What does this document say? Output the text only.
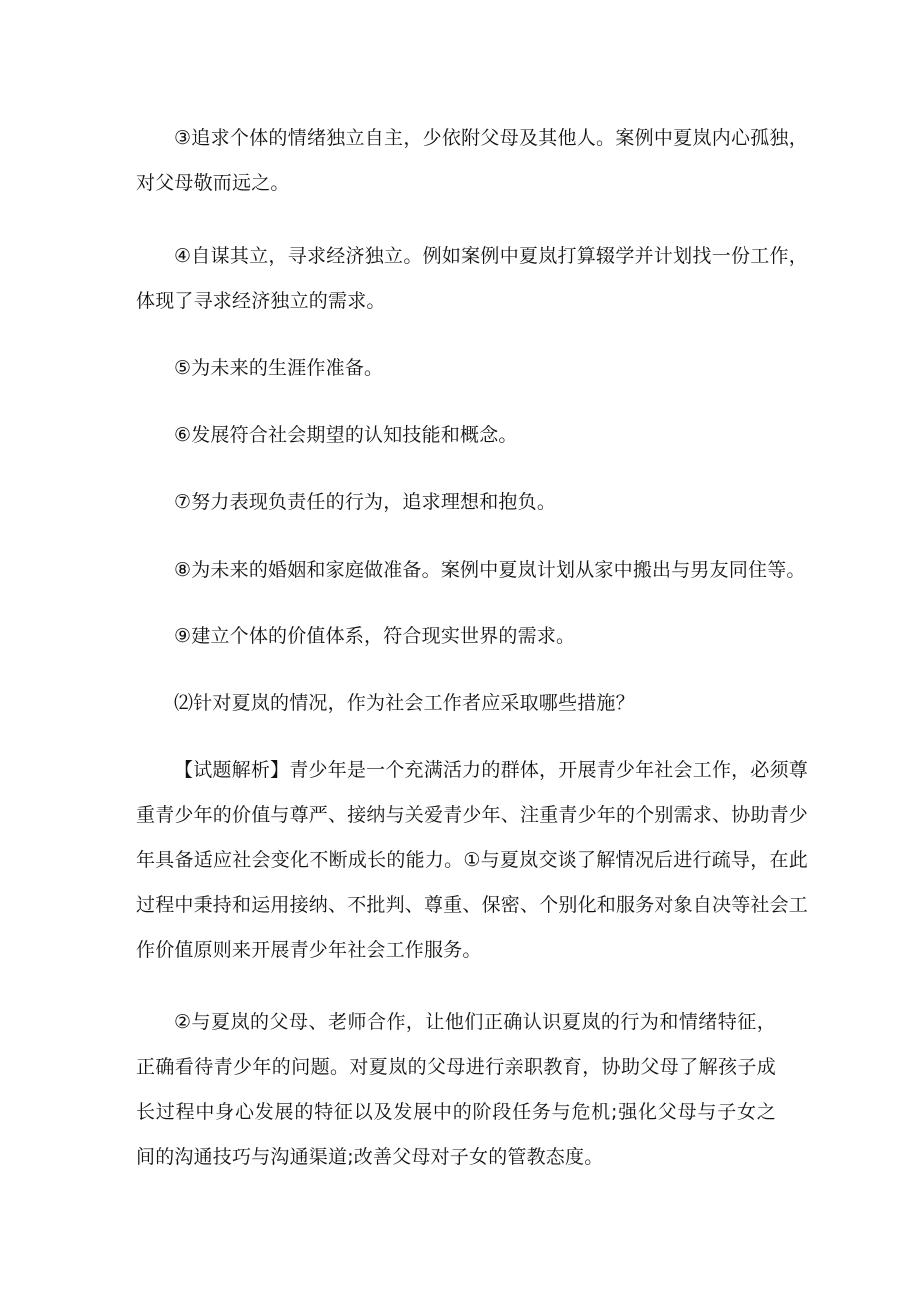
③追求个体的情绪独立自主，少依附父母及其他人。案例中夏岚内心孤独，对父母敬而远之。

④自谋其立，寻求经济独立。例如案例中夏岚打算辍学并计划找一份工作，体现了寻求经济独立的需求。

⑤为未来的生涯作准备。

⑥发展符合社会期望的认知技能和概念。

⑦努力表现负责任的行为，追求理想和抱负。

⑧为未来的婚姻和家庭做准备。案例中夏岚计划从家中搬出与男友同住等。

⑨建立个体的价值体系，符合现实世界的需求。

⑵针对夏岚的情况，作为社会工作者应采取哪些措施？

【试题解析】青少年是一个充满活力的群体，开展青少年社会工作，必须尊重青少年的价值与尊严、接纳与关爱青少年、注重青少年的个别需求、协助青少年具备适应社会变化不断成长的能力。①与夏岚交谈了解情况后进行疏导，在此过程中秉持和运用接纳、不批判、尊重、保密、个别化和服务对象自决等社会工作价值原则来开展青少年社会工作服务。

②与夏岚的父母、老师合作，让他们正确认识夏岚的行为和情绪特征，正确看待青少年的问题。对夏岚的父母进行亲职教育，协助父母了解孩子成长过程中身心发展的特征以及发展中的阶段任务与危机;强化父母与子女之间的沟通技巧与沟通渠道;改善父母对子女的管教态度。
